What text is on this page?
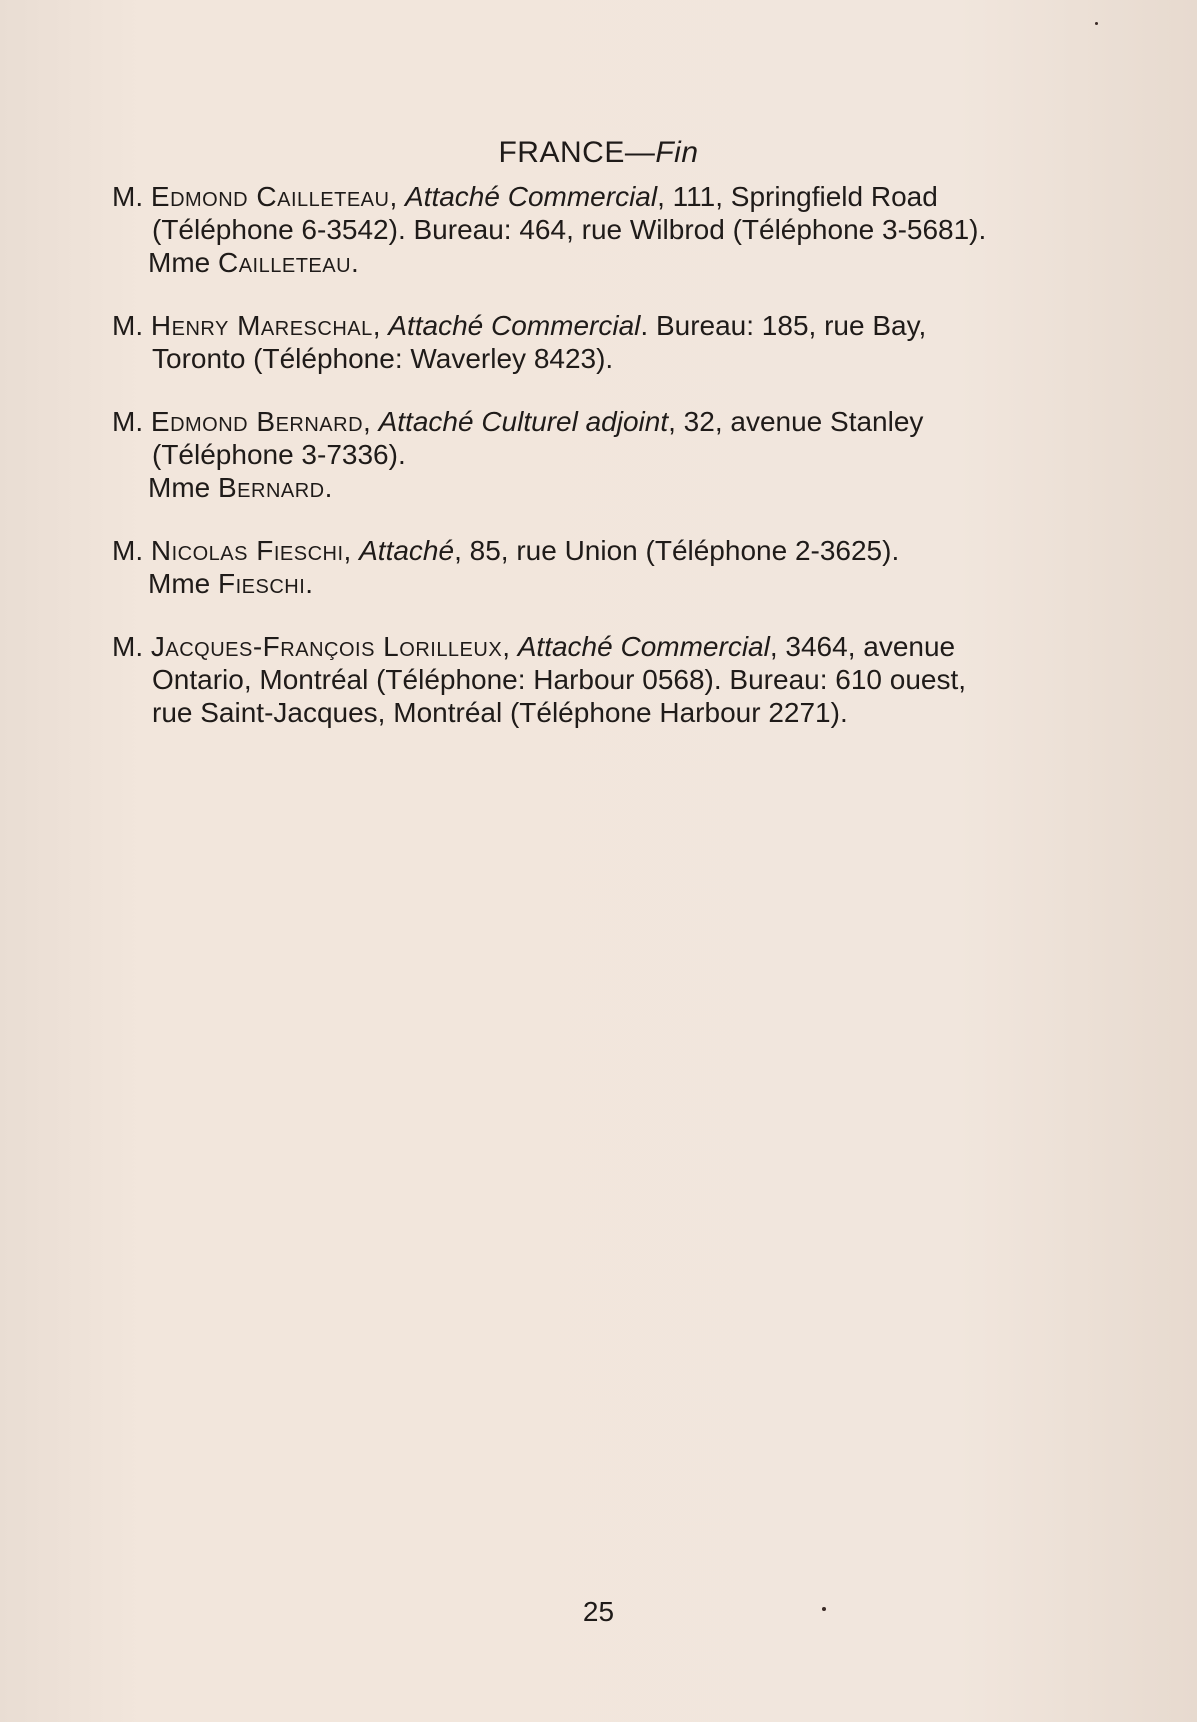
FRANCE—Fin

M. Edmond Cailleteau, Attaché Commercial, 111, Springfield Road (Téléphone 6-3542). Bureau: 464, rue Wilbrod (Téléphone 3-5681).

Mme Cailleteau.

M. Henry Mareschal, Attaché Commercial. Bureau: 185, rue Bay, Toronto (Téléphone: Waverley 8423).

M. Edmond Bernard, Attaché Culturel adjoint, 32, avenue Stanley (Téléphone 3-7336).

Mme Bernard.

M. Nicolas Fieschi, Attaché, 85, rue Union (Téléphone 2-3625).

Mme Fieschi.

M. Jacques-François Lorilleux, Attaché Commercial, 3464, avenue Ontario, Montréal (Téléphone: Harbour 0568). Bureau: 610 ouest, rue Saint-Jacques, Montréal (Téléphone Harbour 2271).

25
